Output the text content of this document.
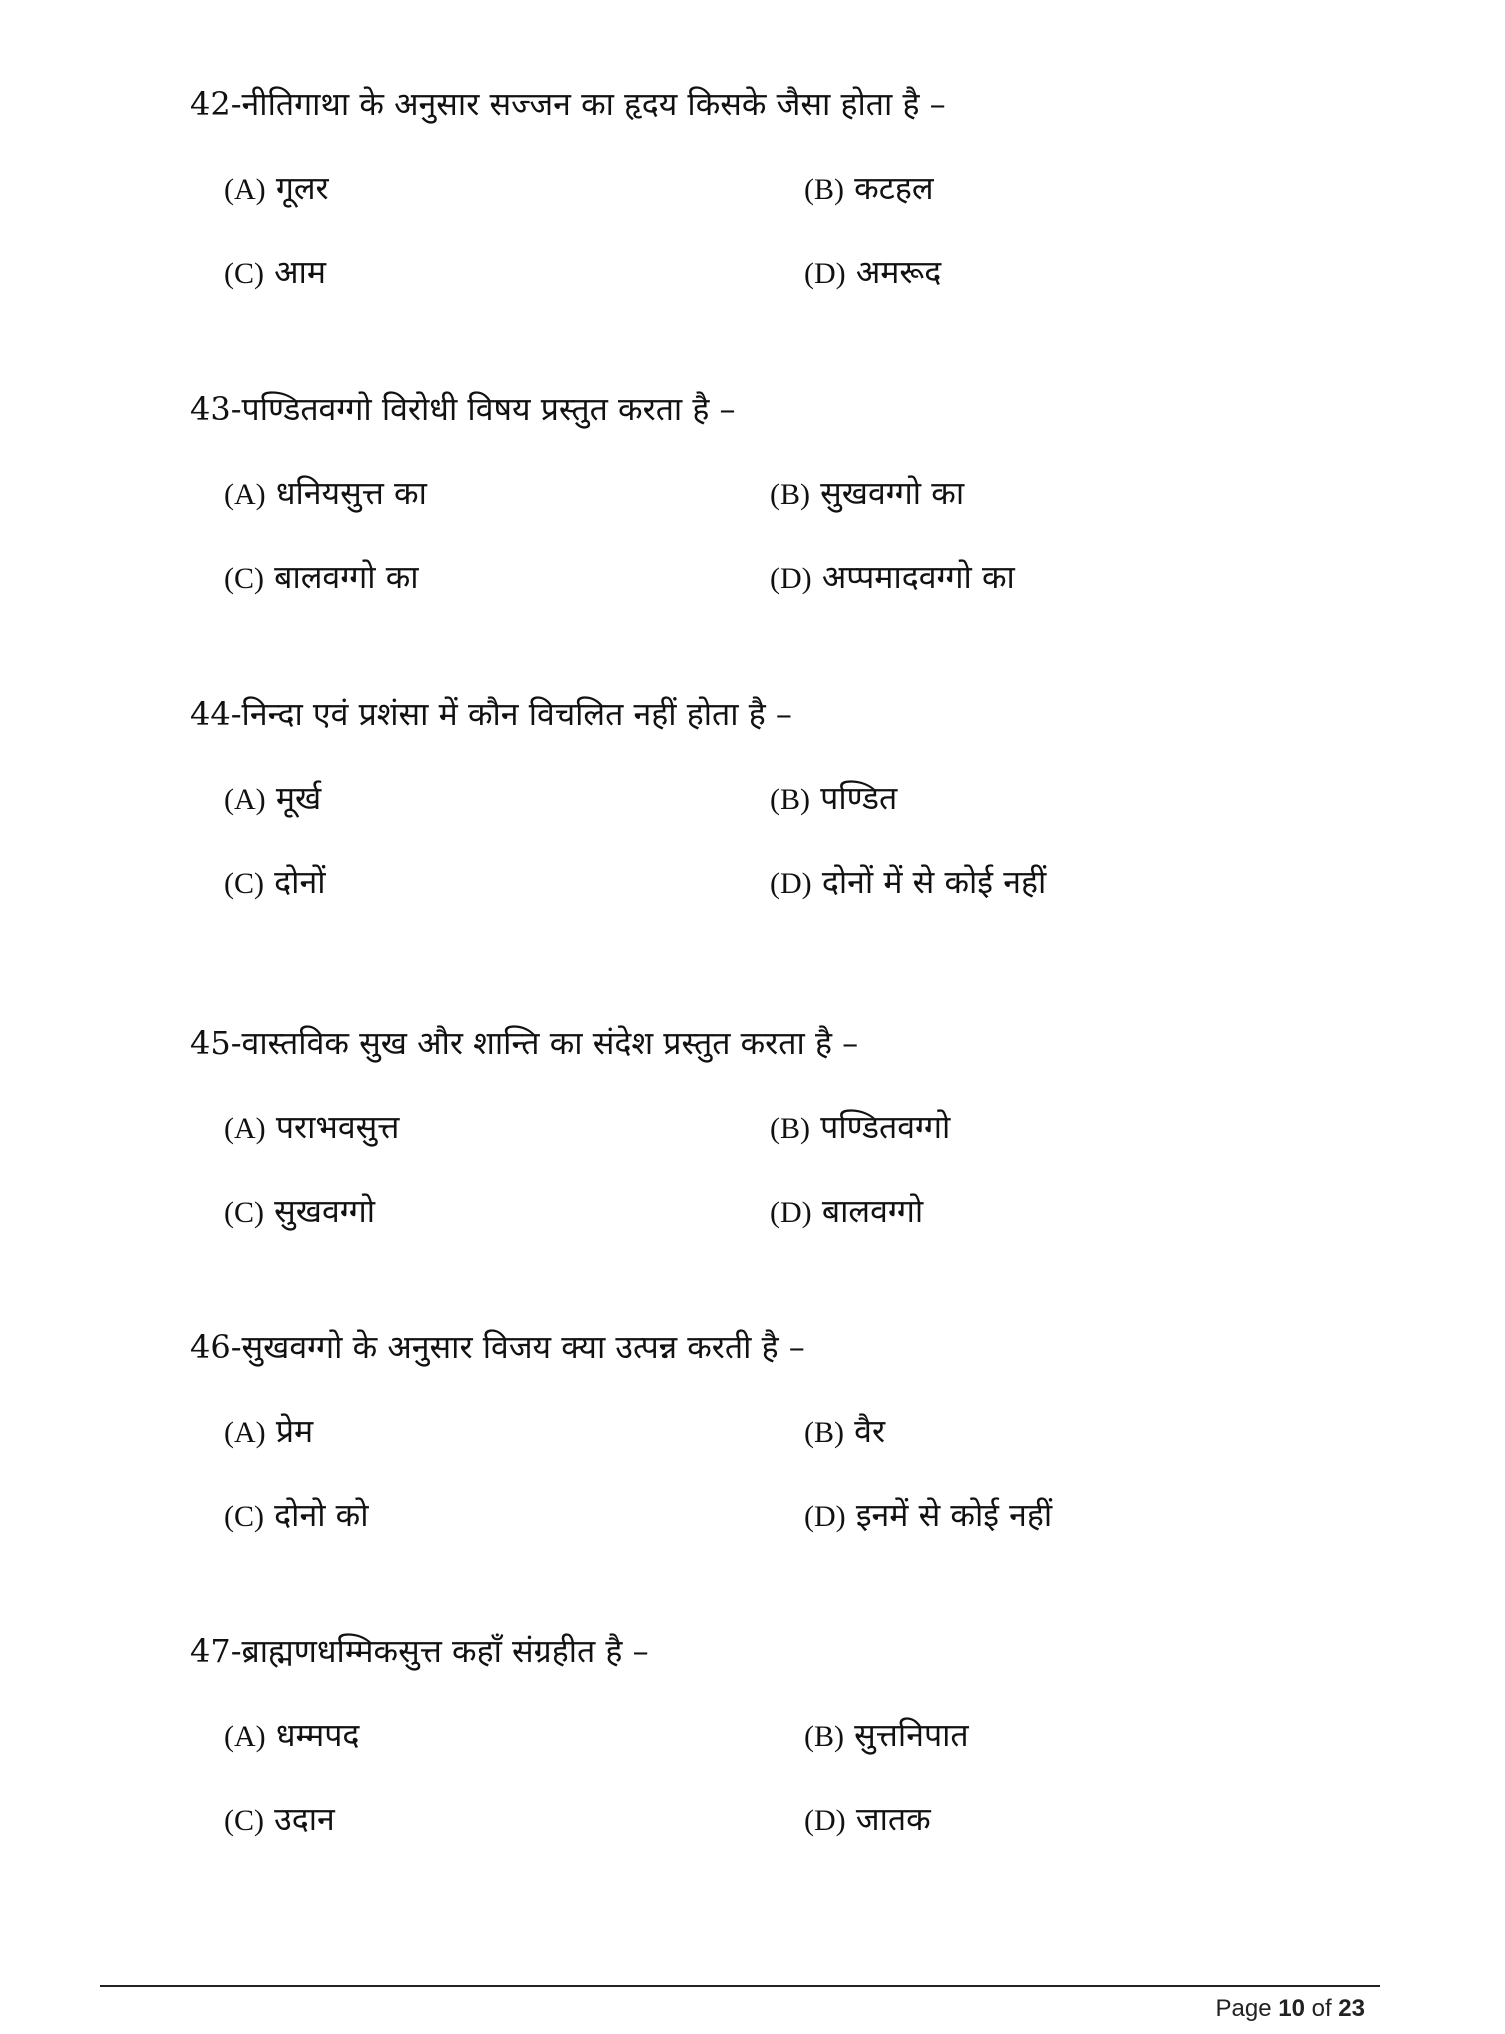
42-नीतिगाथा के अनुसार सज्जन का हृदय किसके जैसा होता है –
(A) गूलर	(B) कटहल
(C) आम	(D) अमरूद
43-पण्डितवग्गो विरोधी विषय प्रस्तुत करता है –
(A) धनियसुत्त का	(B) सुखवग्गो का
(C) बालवग्गो का	(D) अप्पमादवग्गो का
44-निन्दा एवं प्रशंसा में कौन विचलित नहीं होता है –
(A) मूर्ख	(B) पण्डित
(C) दोनों	(D) दोनों में से कोई नहीं
45-वास्तविक सुख और शान्ति का संदेश प्रस्तुत करता है –
(A) पराभवसुत्त	(B) पण्डितवग्गो
(C) सुखवग्गो	(D) बालवग्गो
46-सुखवग्गो के अनुसार विजय क्या उत्पन्न करती है –
(A) प्रेम	(B) वैर
(C) दोनो को	(D) इनमें से कोई नहीं
47-ब्राह्मणधम्मिकसुत्त कहाँ संग्रहीत है –
(A) धम्मपद	(B) सुत्तनिपात
(C) उदान	(D) जातक
Page 10 of 23
